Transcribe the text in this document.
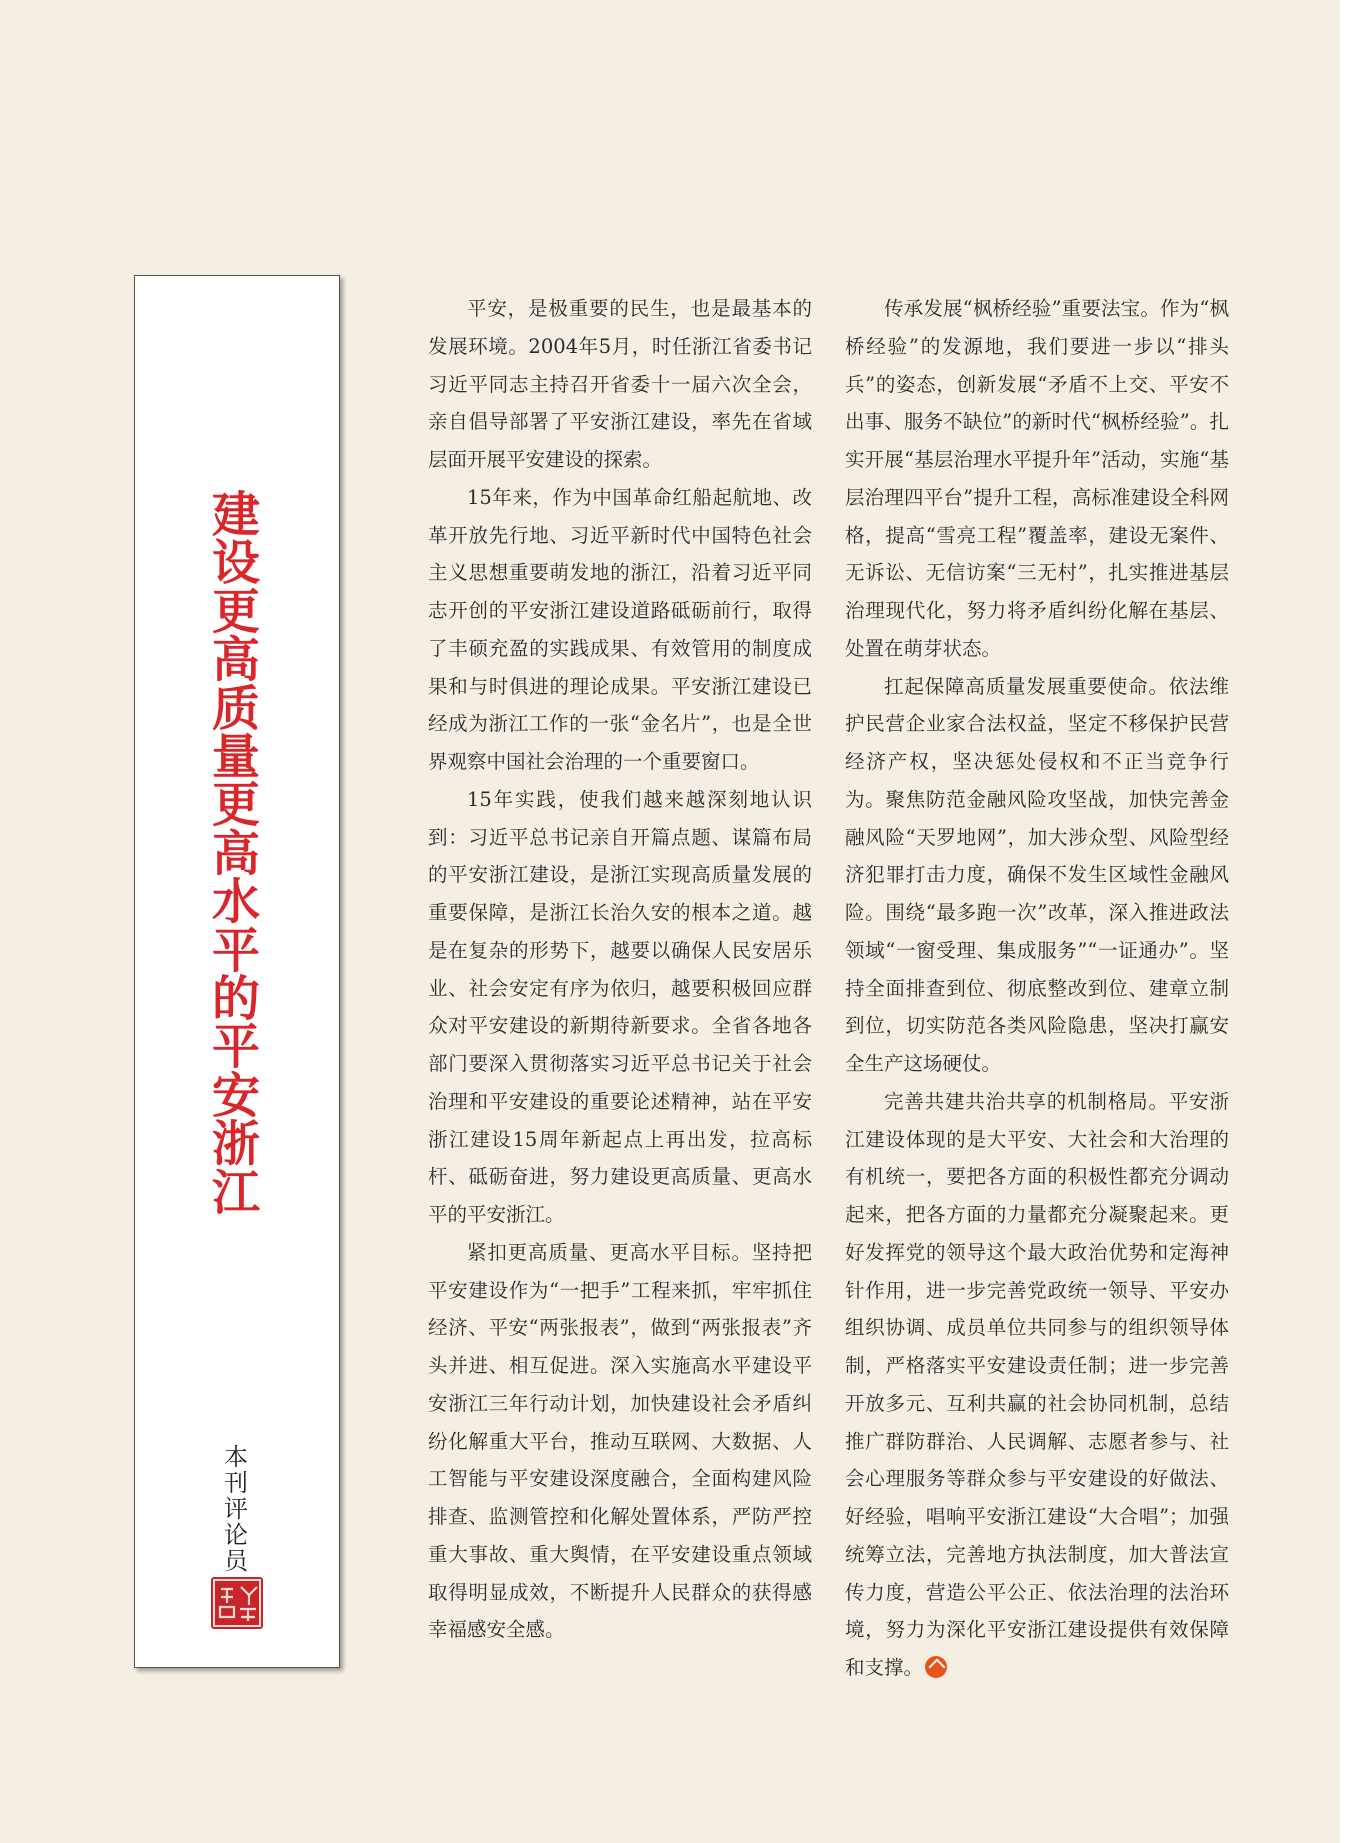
建设更高质量更高水平的平安浙江
本刊评论员

平安，是极重要的民生，也是最基本的发展环境。2004年5月，时任浙江省委书记习近平同志主持召开省委十一届六次全会，亲自倡导部署了平安浙江建设，率先在省域层面开展平安建设的探索。

15年来，作为中国革命红船起航地、改革开放先行地、习近平新时代中国特色社会主义思想重要萌发地的浙江，沿着习近平同志开创的平安浙江建设道路砥砺前行，取得了丰硕充盈的实践成果、有效管用的制度成果和与时俱进的理论成果。平安浙江建设已经成为浙江工作的一张“金名片”，也是全世界观察中国社会治理的一个重要窗口。

15年实践，使我们越来越深刻地认识到：习近平总书记亲自开篇点题、谋篇布局的平安浙江建设，是浙江实现高质量发展的重要保障，是浙江长治久安的根本之道。越是在复杂的形势下，越要以确保人民安居乐业、社会安定有序为依归，越要积极回应群众对平安建设的新期待新要求。全省各地各部门要深入贯彻落实习近平总书记关于社会治理和平安建设的重要论述精神，站在平安浙江建设15周年新起点上再出发，拉高标杆、砥砺奋进，努力建设更高质量、更高水平的平安浙江。

紧扣更高质量、更高水平目标。坚持把平安建设作为“一把手”工程来抓，牢牢抓住经济、平安“两张报表”，做到“两张报表”齐头并进、相互促进。深入实施高水平建设平安浙江三年行动计划，加快建设社会矛盾纠纷化解重大平台，推动互联网、大数据、人工智能与平安建设深度融合，全面构建风险排查、监测管控和化解处置体系，严防严控重大事故、重大舆情，在平安建设重点领域取得明显成效，不断提升人民群众的获得感幸福感安全感。

传承发展“枫桥经验”重要法宝。作为“枫桥经验”的发源地，我们要进一步以“排头兵”的姿态，创新发展“矛盾不上交、平安不出事、服务不缺位”的新时代“枫桥经验”。扎实开展“基层治理水平提升年”活动，实施“基层治理四平台”提升工程，高标准建设全科网格，提高“雪亮工程”覆盖率，建设无案件、无诉讼、无信访案“三无村”，扎实推进基层治理现代化，努力将矛盾纠纷化解在基层、处置在萌芽状态。

扛起保障高质量发展重要使命。依法维护民营企业家合法权益，坚定不移保护民营经济产权，坚决惩处侵权和不正当竞争行为。聚焦防范金融风险攻坚战，加快完善金融风险“天罗地网”，加大涉众型、风险型经济犯罪打击力度，确保不发生区域性金融风险。围绕“最多跑一次”改革，深入推进政法领域“一窗受理、集成服务”“一证通办”。坚持全面排查到位、彻底整改到位、建章立制到位，切实防范各类风险隐患，坚决打赢安全生产这场硬仗。

完善共建共治共享的机制格局。平安浙江建设体现的是大平安、大社会和大治理的有机统一，要把各方面的积极性都充分调动起来，把各方面的力量都充分凝聚起来。更好发挥党的领导这个最大政治优势和定海神针作用，进一步完善党政统一领导、平安办组织协调、成员单位共同参与的组织领导体制，严格落实平安建设责任制；进一步完善开放多元、互利共赢的社会协同机制，总结推广群防群治、人民调解、志愿者参与、社会心理服务等群众参与平安建设的好做法、好经验，唱响平安浙江建设“大合唱”；加强统筹立法，完善地方执法制度，加大普法宣传力度，营造公平公正、依法治理的法治环境，努力为深化平安浙江建设提供有效保障和支撑。
